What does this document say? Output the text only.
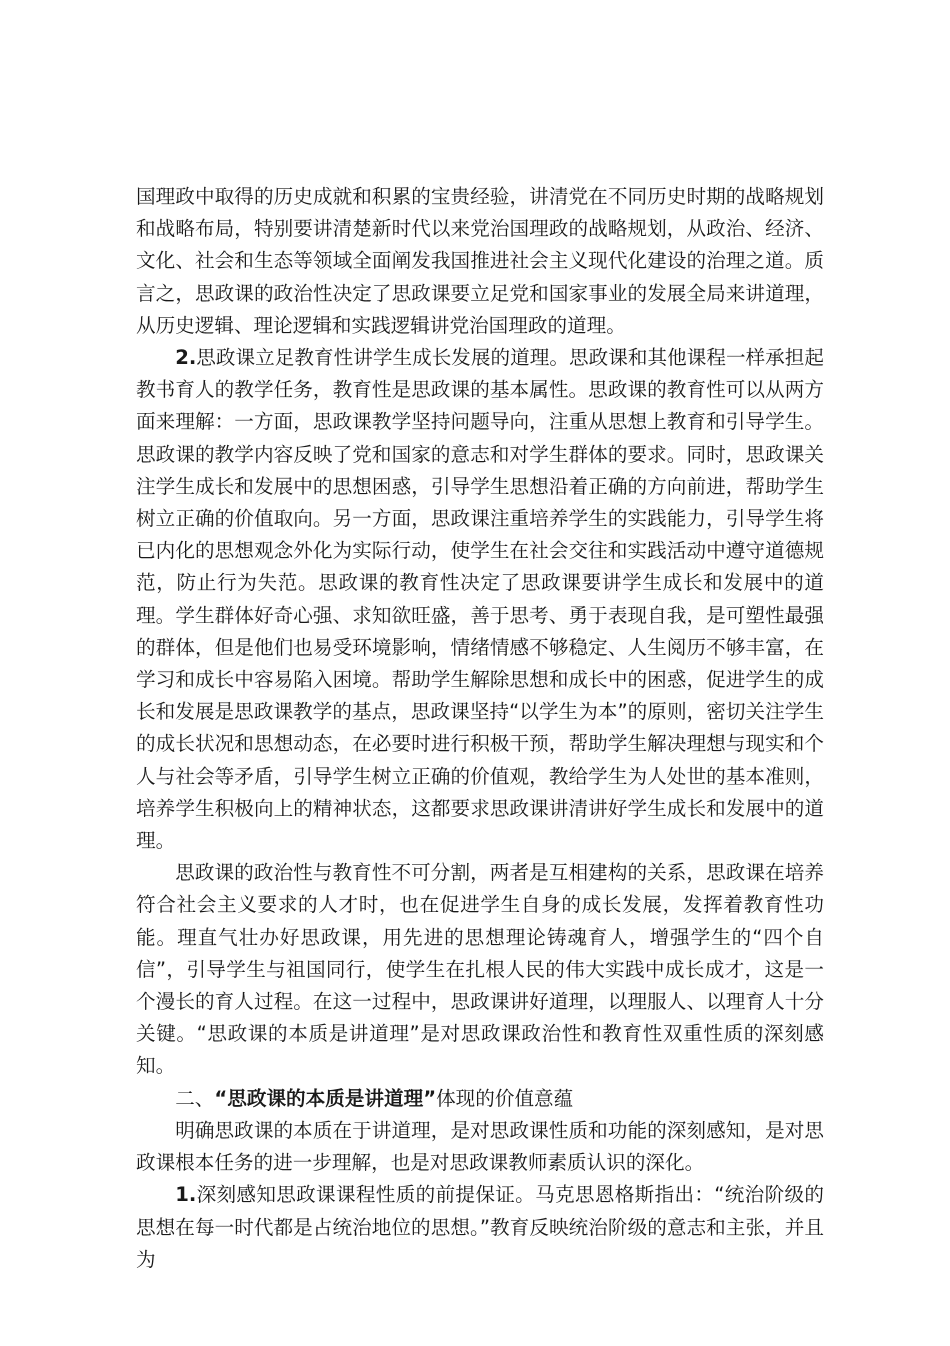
国理政中取得的历史成就和积累的宝贵经验，讲清党在不同历史时期的战略规划和战略布局，特别要讲清楚新时代以来党治国理政的战略规划，从政治、经济、文化、社会和生态等领域全面阐发我国推进社会主义现代化建设的治理之道。质言之，思政课的政治性决定了思政课要立足党和国家事业的发展全局来讲道理，从历史逻辑、理论逻辑和实践逻辑讲党治国理政的道理。

2.思政课立足教育性讲学生成长发展的道理。思政课和其他课程一样承担起教书育人的教学任务，教育性是思政课的基本属性。思政课的教育性可以从两方面来理解：一方面，思政课教学坚持问题导向，注重从思想上教育和引导学生。思政课的教学内容反映了党和国家的意志和对学生群体的要求。同时，思政课关注学生成长和发展中的思想困惑，引导学生思想沿着正确的方向前进，帮助学生树立正确的价值取向。另一方面，思政课注重培养学生的实践能力，引导学生将已内化的思想观念外化为实际行动，使学生在社会交往和实践活动中遵守道德规范，防止行为失范。思政课的教育性决定了思政课要讲学生成长和发展中的道理。学生群体好奇心强、求知欲旺盛，善于思考、勇于表现自我，是可塑性最强的群体，但是他们也易受环境影响，情绪情感不够稳定、人生阅历不够丰富，在学习和成长中容易陷入困境。帮助学生解除思想和成长中的困惑，促进学生的成长和发展是思政课教学的基点，思政课坚持“以学生为本”的原则，密切关注学生的成长状况和思想动态，在必要时进行积极干预，帮助学生解决理想与现实和个人与社会等矛盾，引导学生树立正确的价值观，教给学生为人处世的基本准则，培养学生积极向上的精神状态，这都要求思政课讲清讲好学生成长和发展中的道理。

思政课的政治性与教育性不可分割，两者是互相建构的关系，思政课在培养符合社会主义要求的人才时，也在促进学生自身的成长发展，发挥着教育性功能。理直气壮办好思政课，用先进的思想理论铸魂育人，增强学生的“四个自信”，引导学生与祖国同行，使学生在扎根人民的伟大实践中成长成才，这是一个漫长的育人过程。在这一过程中，思政课讲好道理，以理服人、以理育人十分关键。“思政课的本质是讲道理”是对思政课政治性和教育性双重性质的深刻感知。

二、“思政课的本质是讲道理”体现的价值意蕴

明确思政课的本质在于讲道理，是对思政课性质和功能的深刻感知，是对思政课根本任务的进一步理解，也是对思政课教师素质认识的深化。

1.深刻感知思政课课程性质的前提保证。马克思恩格斯指出：“统治阶级的思想在每一时代都是占统治地位的思想。”教育反映统治阶级的意志和主张，并且为
